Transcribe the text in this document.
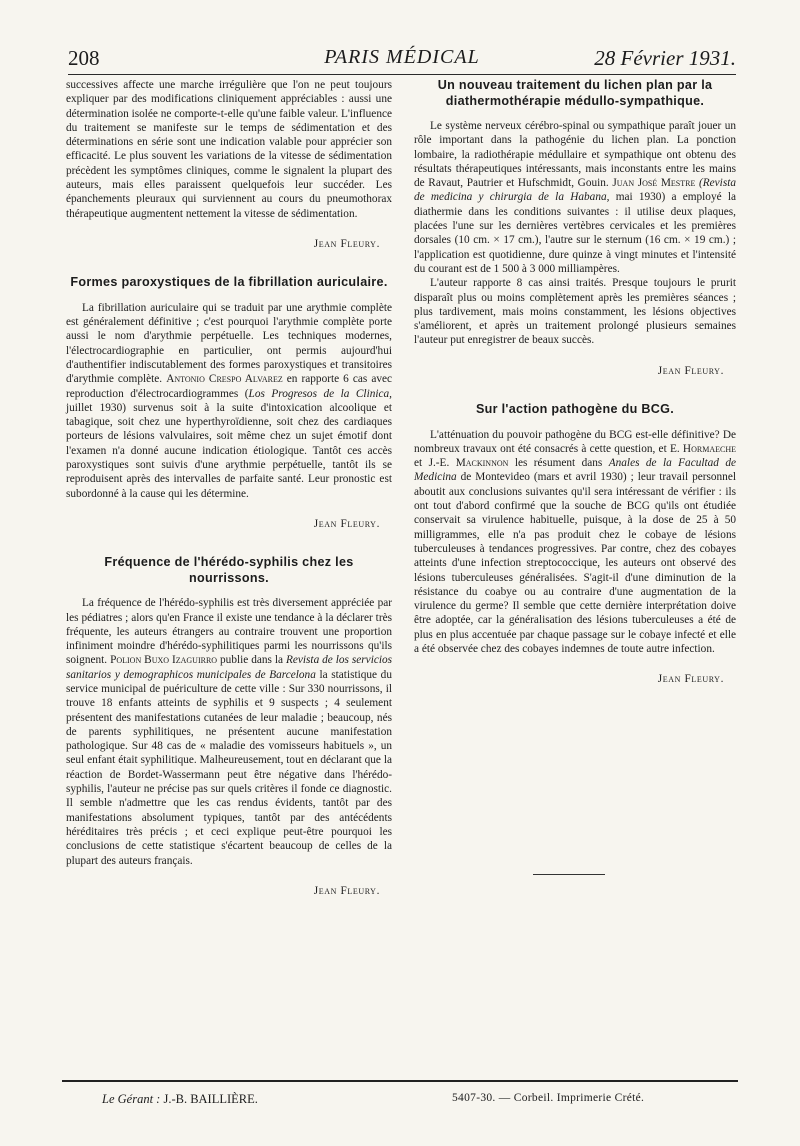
208	PARIS MÉDICAL	28 Février 1931.

successives affecte une marche irrégulière que l'on ne peut toujours expliquer par des modifications cliniquement appréciables : aussi une détermination isolée ne comporte-t-elle qu'une faible valeur. L'influence du traitement se manifeste sur le temps de sédimentation et des déterminations en série sont une indication valable pour apprécier son efficacité. Le plus souvent les variations de la vitesse de sédimentation précèdent les symptômes cliniques, comme le signalent la plupart des auteurs, mais elles paraissent quelquefois leur succéder. Les épanchements pleuraux qui surviennent au cours du pneumothorax thérapeutique augmentent nettement la vitesse de sédimentation.

Jean Fleury.
Formes paroxystiques de la fibrillation auriculaire.

La fibrillation auriculaire qui se traduit par une arythmie complète est généralement définitive ; c'est pourquoi l'arythmie complète porte aussi le nom d'arythmie perpétuelle. Les techniques modernes, l'électrocardiographie en particulier, ont permis aujourd'hui d'authentifier indiscutablement des formes paroxystiques et transitoires d'arythmie complète. Antonio Crespo Alvarez en rapporte 6 cas avec reproduction d'électrocardiogrammes (Los Progresos de la Clinica, juillet 1930) survenus soit à la suite d'intoxication alcoolique et tabagique, soit chez une hyperthyroïdienne, soit chez des cardiaques porteurs de lésions valvulaires, soit même chez un sujet émotif dont l'examen n'a donné aucune indication étiologique. Tantôt ces accès paroxystiques sont suivis d'une arythmie perpétuelle, tantôt ils se reproduisent après des intervalles de parfaite santé. Leur pronostic est subordonné à la cause qui les détermine.

Jean Fleury.
Fréquence de l'hérédo-syphilis chez les nourrissons.

La fréquence de l'hérédo-syphilis est très diversement appréciée par les pédiatres ; alors qu'en France il existe une tendance à la déclarer très fréquente, les auteurs étrangers au contraire trouvent une proportion infiniment moindre d'hérédo-syphilitiques parmi les nourrissons qu'ils soignent. Polion Buxo Izaguirro publie dans la Revista de los servicios sanitarios y demographicos municipales de Barcelona la statistique du service municipal de puériculture de cette ville : Sur 330 nourrissons, il trouve 18 enfants atteints de syphilis et 9 suspects ; 4 seulement présentent des manifestations cutanées de leur maladie ; beaucoup, nés de parents syphilitiques, ne présentent aucune manifestation pathologique. Sur 48 cas de « maladie des vomisseurs habituels », un seul enfant était syphilitique. Malheureusement, tout en déclarant que la réaction de Bordet-Wassermann peut être négative dans l'hérédo-syphilis, l'auteur ne précise pas sur quels critères il fonde ce diagnostic. Il semble n'admettre que les cas rendus évidents, tantôt par des manifestations absolument typiques, tantôt par des antécédents héréditaires très précis ; et ceci explique peut-être pourquoi les conclusions de cette statistique s'écartent beaucoup de celles de la plupart des auteurs français.

Jean Fleury.
Un nouveau traitement du lichen plan par la diathermothérapie médullo-sympathique.

Le système nerveux cérébro-spinal ou sympathique paraît jouer un rôle important dans la pathogénie du lichen plan. La ponction lombaire, la radiothérapie médullaire et sympathique ont obtenu des résultats thérapeutiques intéressants, mais inconstants entre les mains de Ravaut, Pautrier et Hufschmidt, Gouin. Juan José Mestre (Revista de medicina y chirurgia de la Habana, mai 1930) a employé la diathermie dans les conditions suivantes : il utilise deux plaques, placées l'une sur les dernières vertèbres cervicales et les premières dorsales (10 cm. × 17 cm.), l'autre sur le sternum (16 cm. × 19 cm.) ; l'application est quotidienne, dure quinze à vingt minutes et l'intensité du courant est de 1 500 à 3 000 milliampères.

L'auteur rapporte 8 cas ainsi traités. Presque toujours le prurit disparaît plus ou moins complètement après les premières séances ; plus tardivement, mais moins constamment, les lésions objectives s'améliorent, et après un traitement prolongé plusieurs semaines l'auteur put enregistrer de beaux succès.

Jean Fleury.
Sur l'action pathogène du BCG.

L'atténuation du pouvoir pathogène du BCG est-elle définitive? De nombreux travaux ont été consacrés à cette question, et E. Hormaeche et J.-E. Mackinnon les résument dans Anales de la Facultad de Medicina de Montevideo (mars et avril 1930) ; leur travail personnel aboutit aux conclusions suivantes qu'il sera intéressant de vérifier : ils ont tout d'abord confirmé que la souche de BCG qu'ils ont étudiée conservait sa virulence habituelle, puisque, à la dose de 25 à 50 milligrammes, elle n'a pas produit chez le cobaye de lésions tuberculeuses à tendances progressives. Par contre, chez des cobayes atteints d'une infection streptococcique, les auteurs ont observé des lésions tuberculeuses généralisées. S'agit-il d'une diminution de la résistance du coabye ou au contraire d'une augmentation de la virulence du germe? Il semble que cette dernière interprétation doive être adoptée, car la généralisation des lésions tuberculeuses a été de plus en plus accentuée par chaque passage sur le cobaye infecté et elle a été observée chez des cobayes indemnes de toute autre infection.

Jean Fleury.
Le Gérant : J.-B. BAILLIÈRE.	5407-30. — Corbeil. Imprimerie Crété.
